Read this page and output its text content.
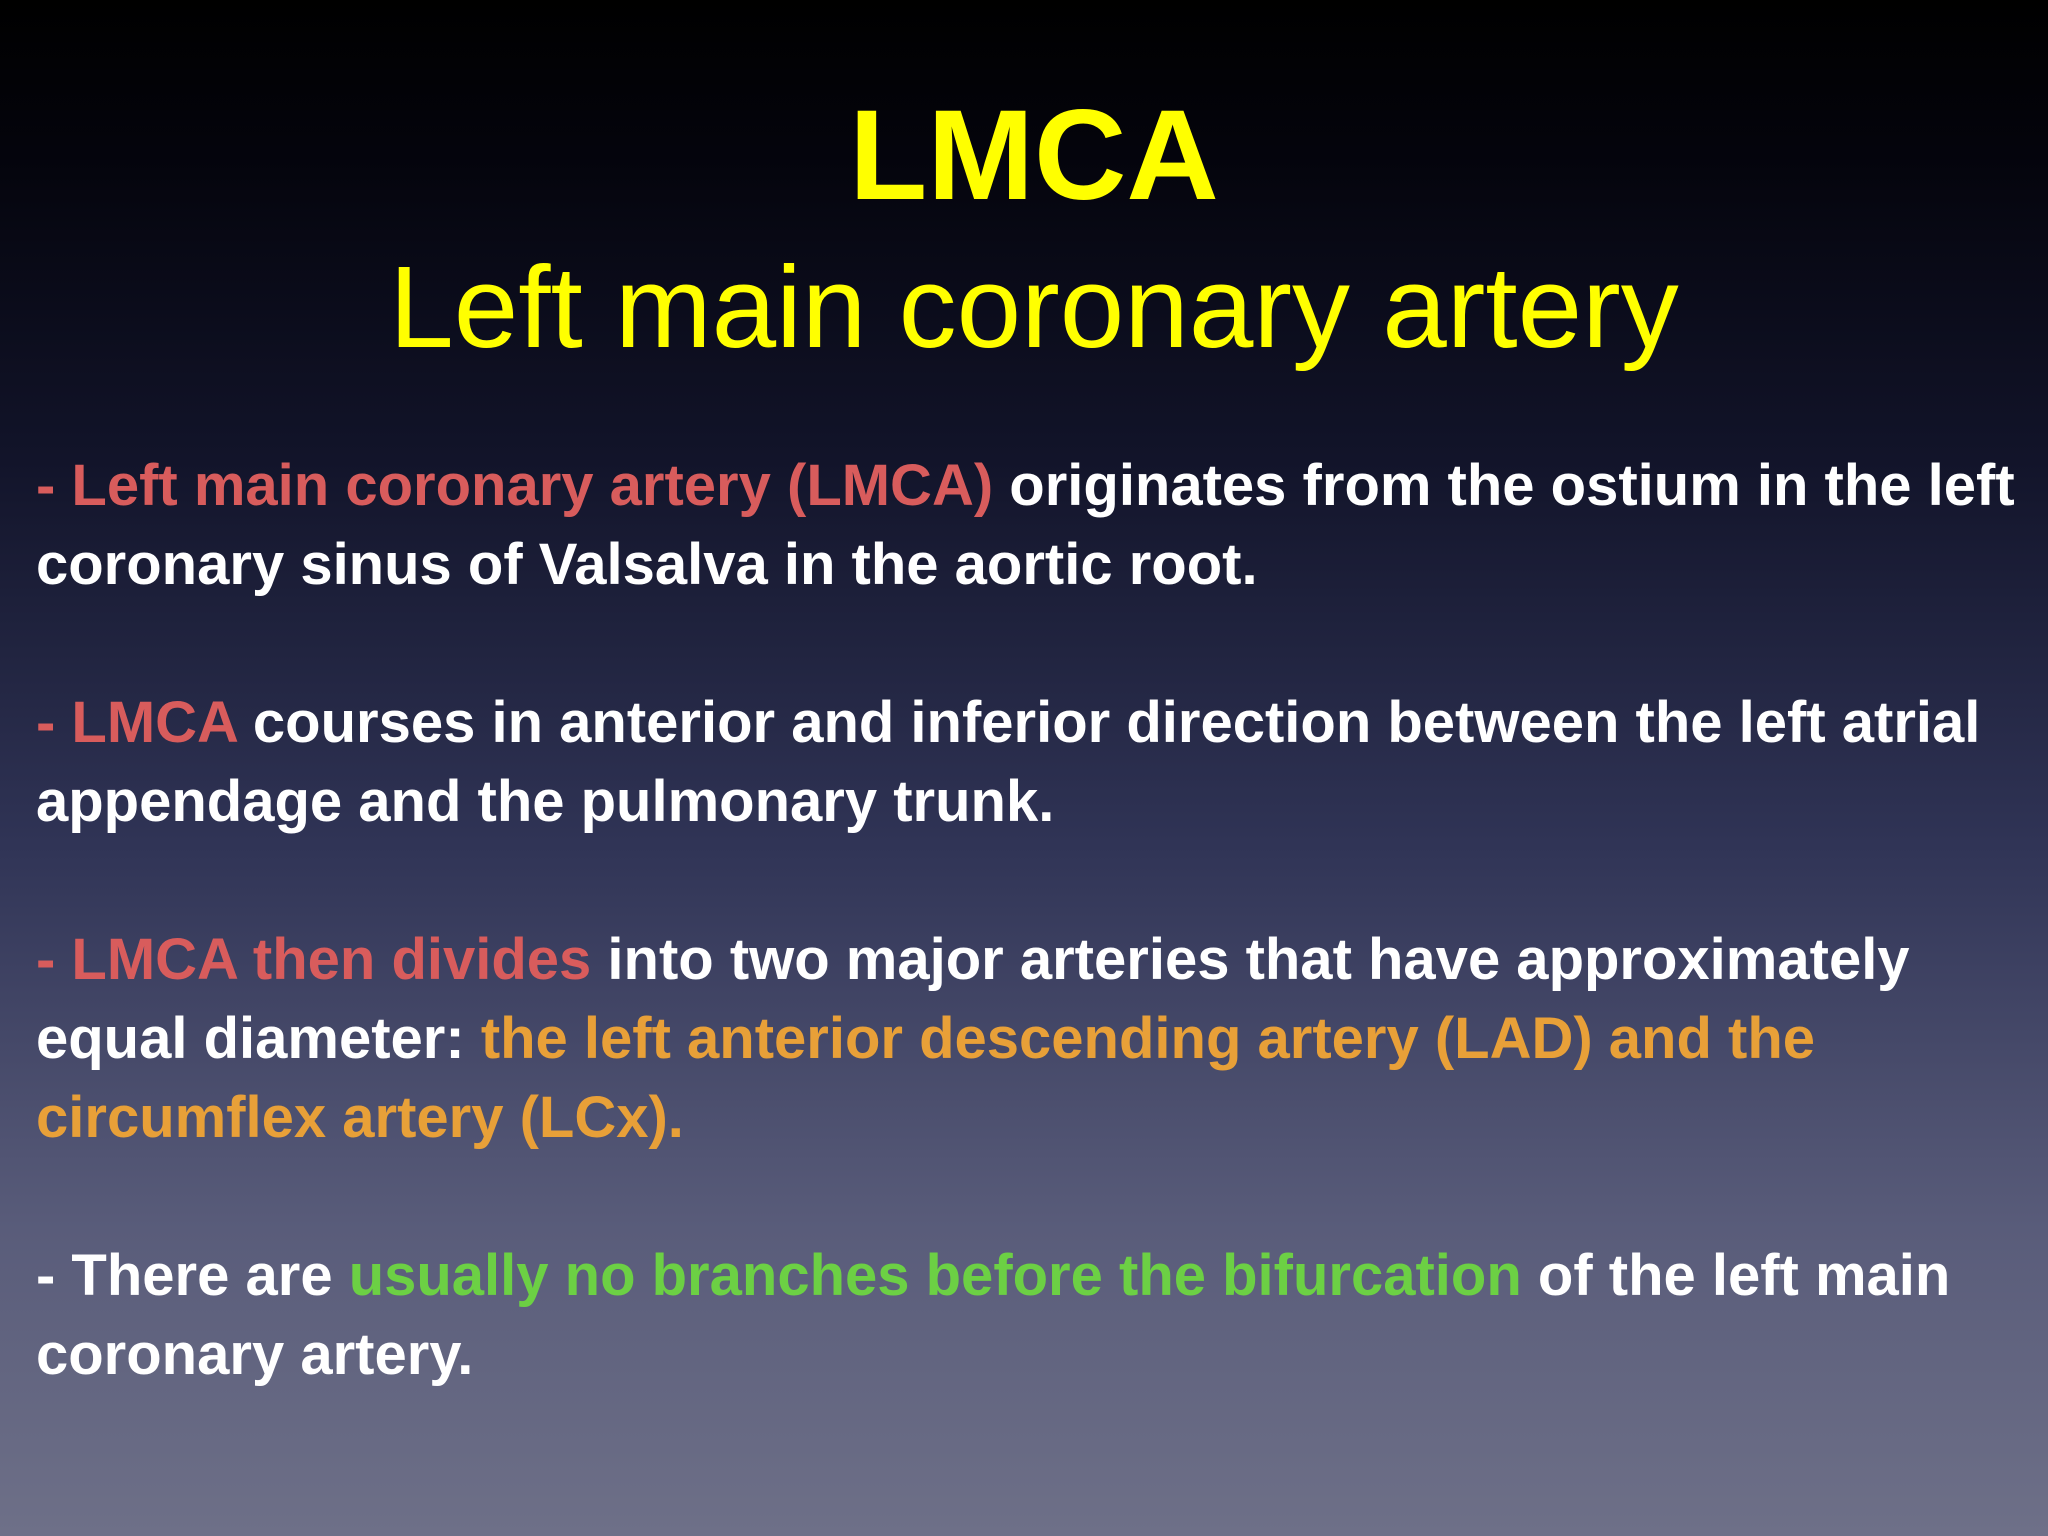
LMCA
Left main coronary artery

- Left main coronary artery (LMCA) originates from the ostium in the left coronary sinus of Valsalva in the aortic root.

- LMCA courses in anterior and inferior direction between the left atrial appendage and the pulmonary trunk.

- LMCA then divides into two major arteries that have approximately equal diameter: the left anterior descending artery (LAD) and the circumflex artery (LCx).

- There are usually no branches before the bifurcation of the left main coronary artery.
